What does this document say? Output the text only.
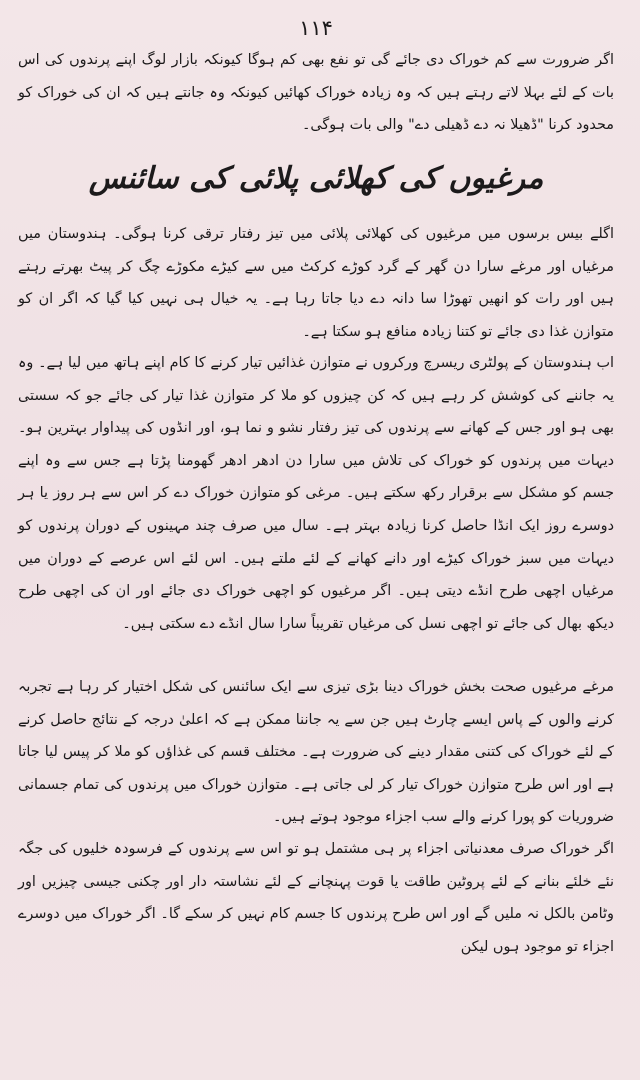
۱۱۴

اگر ضرورت سے کم خوراک دی جائے گی تو نفع بھی کم ہوگا کیونکہ بازار لوگ اپنے پرندوں کی اس بات کے لئے بہلا لاتے رہتے ہیں کہ وہ زیادہ خوراک کھائیں کیونکہ وہ جانتے ہیں کہ ان کی خوراک کو محدود کرنا "ڈھیلا نہ دے ڈھیلی دے" والی بات ہوگی۔

مرغیوں کی کھلائی پلائی کی سائنس

اگلے بیس برسوں میں مرغیوں کی کھلائی پلائی میں تیز رفتار ترقی کرنا ہوگی۔ ہندوستان میں مرغیاں اور مرغے سارا دن گھر کے گرد کوڑے کرکٹ میں سے کیڑے مکوڑے چگ کر پیٹ بھرتے رہتے ہیں اور رات کو انھیں تھوڑا سا دانہ دے دیا جاتا رہا ہے۔ یہ خیال ہی نہیں کیا گیا کہ اگر ان کو متوازن غذا دی جائے تو کتنا زیادہ منافع ہو سکتا ہے۔

اب ہندوستان کے پولٹری ریسرچ ورکروں نے متوازن غذائیں تیار کرنے کا کام اپنے ہاتھ میں لیا ہے۔ وہ یہ جاننے کی کوشش کر رہے ہیں کہ کن چیزوں کو ملا کر متوازن غذا تیار کی جائے جو کہ سستی بھی ہو اور جس کے کھانے سے پرندوں کی تیز رفتار نشو و نما ہو، اور انڈوں کی پیداوار بہترین ہو۔ دیہات میں پرندوں کو خوراک کی تلاش میں سارا دن ادھر ادھر گھومنا پڑتا ہے جس سے وہ اپنے جسم کو مشکل سے برقرار رکھ سکتے ہیں۔ مرغی کو متوازن خوراک دے کر اس سے ہر روز یا ہر دوسرے روز ایک انڈا حاصل کرنا زیادہ بہتر ہے۔ سال میں صرف چند مہینوں کے دوران پرندوں کو دیہات میں سبز خوراک کیڑے اور دانے کھانے کے لئے ملتے ہیں۔ اس لئے اس عرصے کے دوران میں مرغیاں اچھی طرح انڈے دیتی ہیں۔ اگر مرغیوں کو اچھی خوراک دی جائے اور ان کی اچھی طرح دیکھ بھال کی جائے تو اچھی نسل کی مرغیاں تقریباً سارا سال انڈے دے سکتی ہیں۔

مرغے مرغیوں صحت بخش خوراک دینا بڑی تیزی سے ایک سائنس کی شکل اختیار کر رہا ہے تجربہ کرنے والوں کے پاس ایسے چارٹ ہیں جن سے یہ جاننا ممکن ہے کہ اعلیٰ درجہ کے نتائج حاصل کرنے کے لئے خوراک کی کتنی مقدار دینے کی ضرورت ہے۔ مختلف قسم کی غذاؤں کو ملا کر پیس لیا جاتا ہے اور اس طرح متوازن خوراک تیار کر لی جاتی ہے۔ متوازن خوراک میں پرندوں کی تمام جسمانی ضروریات کو پورا کرنے والے سب اجزاء موجود ہوتے ہیں۔

اگر خوراک صرف معدنیاتی اجزاء پر ہی مشتمل ہو تو اس سے پرندوں کے فرسودہ خلیوں کی جگہ نئے خلئے بنانے کے لئے پروٹین طاقت یا قوت پہنچانے کے لئے نشاستہ دار اور چکنی جیسی چیزیں اور وٹامن بالکل نہ ملیں گے اور اس طرح پرندوں کا جسم کام نہیں کر سکے گا۔ اگر خوراک میں دوسرے اجزاء تو موجود ہوں لیکن
